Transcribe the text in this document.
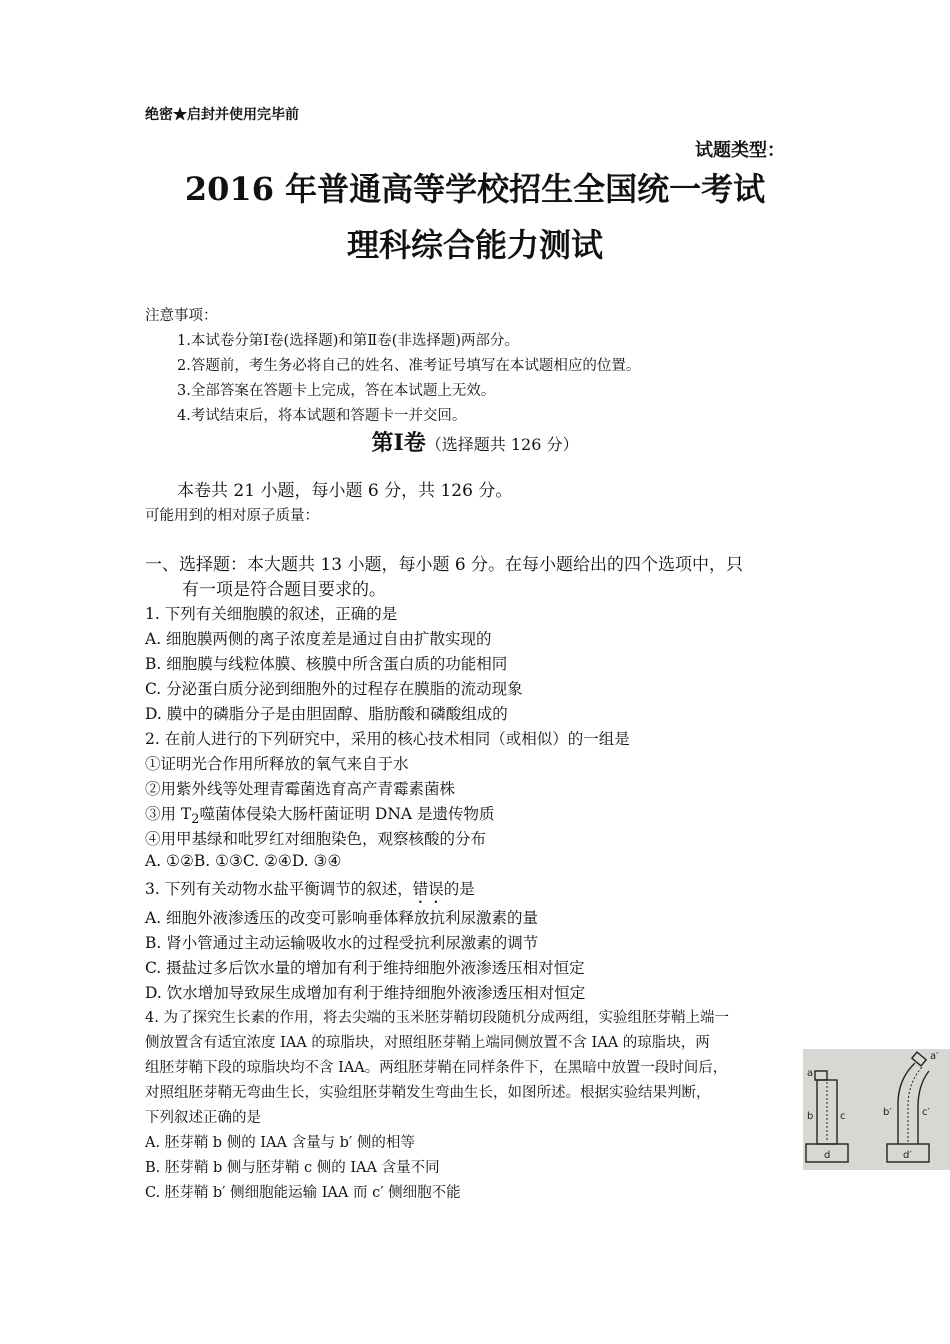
绝密★启封并使用完毕前
试题类型：
2016 年普通高等学校招生全国统一考试
理科综合能力测试
注意事项：
1.本试卷分第Ⅰ卷(选择题)和第Ⅱ卷(非选择题)两部分。
2.答题前，考生务必将自己的姓名、准考证号填写在本试题相应的位置。
3.全部答案在答题卡上完成，答在本试题上无效。
4.考试结束后，将本试题和答题卡一并交回。
第Ⅰ卷（选择题共 126 分）
本卷共 21 小题，每小题 6 分，共 126 分。
可能用到的相对原子质量：
一、选择题：本大题共 13 小题，每小题 6 分。在每小题给出的四个选项中，只
有一项是符合题目要求的。
1. 下列有关细胞膜的叙述，正确的是
A. 细胞膜两侧的离子浓度差是通过自由扩散实现的
B. 细胞膜与线粒体膜、核膜中所含蛋白质的功能相同
C. 分泌蛋白质分泌到细胞外的过程存在膜脂的流动现象
D. 膜中的磷脂分子是由胆固醇、脂肪酸和磷酸组成的
2. 在前人进行的下列研究中，采用的核心技术相同（或相似）的一组是
①证明光合作用所释放的氧气来自于水
②用紫外线等处理青霉菌选育高产青霉素菌株
③用 $T_2$噬菌体侵染大肠杆菌证明 DNA 是遗传物质
④用甲基绿和吡罗红对细胞染色，观察核酸的分布
A. ①②B. ①③C. ②④D. ③④
3. 下列有关动物水盐平衡调节的叙述，错误的是
A. 细胞外液渗透压的改变可影响垂体释放抗利尿激素的量
B. 肾小管通过主动运输吸收水的过程受抗利尿激素的调节
C. 摄盐过多后饮水量的增加有利于维持细胞外液渗透压相对恒定
D. 饮水增加导致尿生成增加有利于维持细胞外液渗透压相对恒定
4. 为了探究生长素的作用，将去尖端的玉米胚芽鞘切段随机分成两组，实验组胚芽鞘上端一
侧放置含有适宜浓度 IAA 的琼脂块，对照组胚芽鞘上端同侧放置不含 IAA 的琼脂块，两
组胚芽鞘下段的琼脂块均不含 IAA。两组胚芽鞘在同样条件下，在黑暗中放置一段时间后，
对照组胚芽鞘无弯曲生长，实验组胚芽鞘发生弯曲生长，如图所述。根据实验结果判断，
下列叙述正确的是
A. 胚芽鞘 b 侧的 IAA 含量与 b′ 侧的相等
B. 胚芽鞘 b 侧与胚芽鞘 c 侧的 IAA 含量不同
C. 胚芽鞘 b′ 侧细胞能运输 IAA 而 c′ 侧细胞不能
a
b	c
d
a′
b′	c′
d′
